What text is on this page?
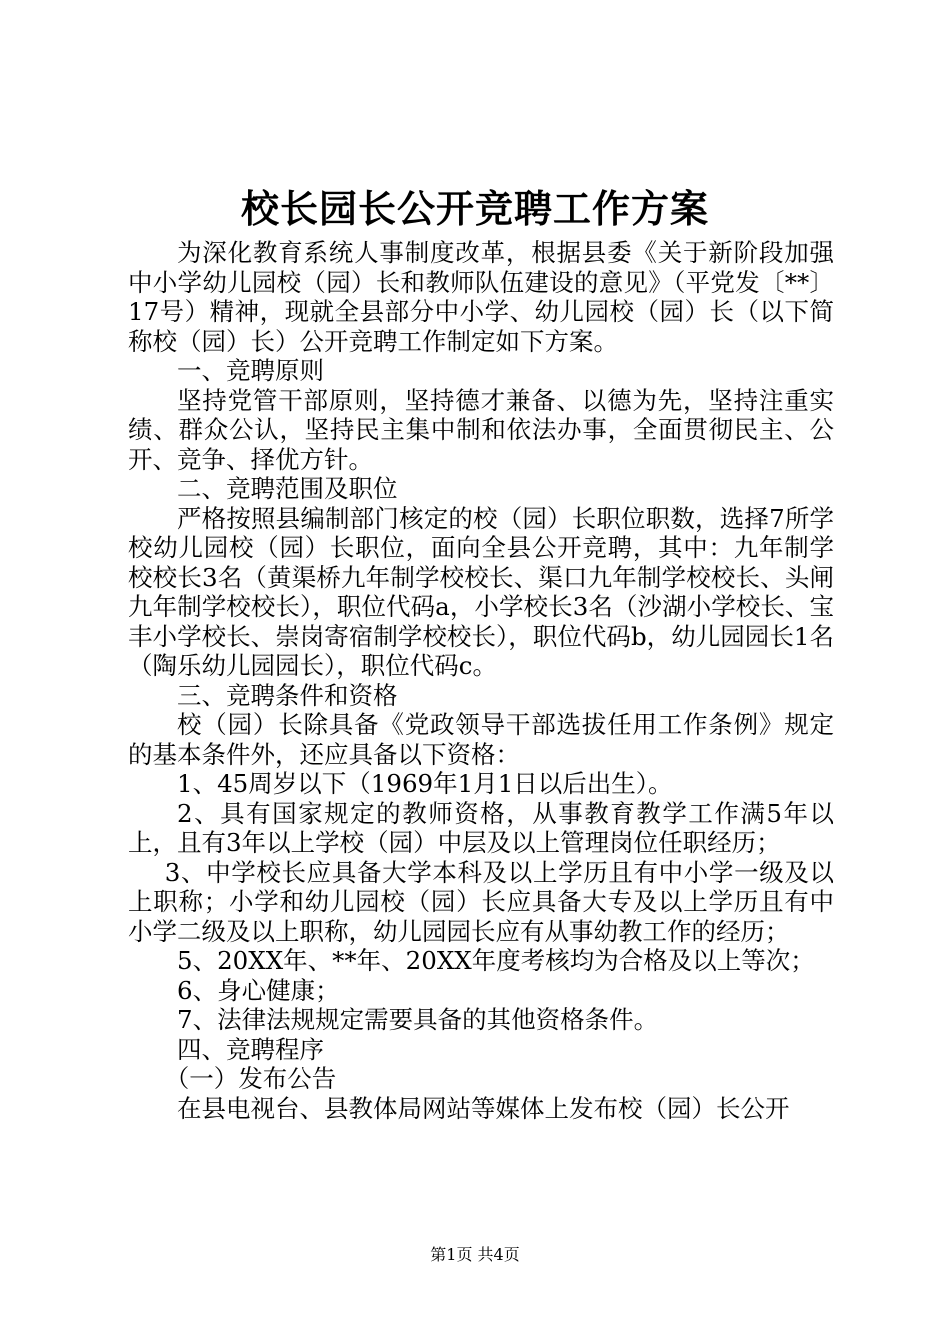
校长园长公开竞聘工作方案

为深化教育系统人事制度改革，根据县委《关于新阶段加强中小学幼儿园校（园）长和教师队伍建设的意见》（平党发〔**〕17号）精神，现就全县部分中小学、幼儿园校（园）长（以下简称校（园）长）公开竞聘工作制定如下方案。

一、竞聘原则

坚持党管干部原则，坚持德才兼备、以德为先，坚持注重实绩、群众公认，坚持民主集中制和依法办事，全面贯彻民主、公开、竞争、择优方针。

二、竞聘范围及职位

严格按照县编制部门核定的校（园）长职位职数，选择7所学校幼儿园校（园）长职位，面向全县公开竞聘，其中：九年制学校校长3名（黄渠桥九年制学校校长、渠口九年制学校校长、头闸九年制学校校长），职位代码a，小学校长3名（沙湖小学校长、宝丰小学校长、崇岗寄宿制学校校长），职位代码b，幼儿园园长1名（陶乐幼儿园园长），职位代码c。

三、竞聘条件和资格

校（园）长除具备《党政领导干部选拔任用工作条例》规定的基本条件外，还应具备以下资格：

1、45周岁以下（1969年1月1日以后出生）。

2、具有国家规定的教师资格，从事教育教学工作满5年以上，且有3年以上学校（园）中层及以上管理岗位任职经历；

3、中学校长应具备大学本科及以上学历且有中小学一级及以上职称；小学和幼儿园校（园）长应具备大专及以上学历且有中小学二级及以上职称，幼儿园园长应有从事幼教工作的经历；

5、20XX年、**年、20XX年度考核均为合格及以上等次；

6、身心健康；

7、法律法规规定需要具备的其他资格条件。

四、竞聘程序

（一）发布公告

在县电视台、县教体局网站等媒体上发布校（园）长公开

第1页 共4页
